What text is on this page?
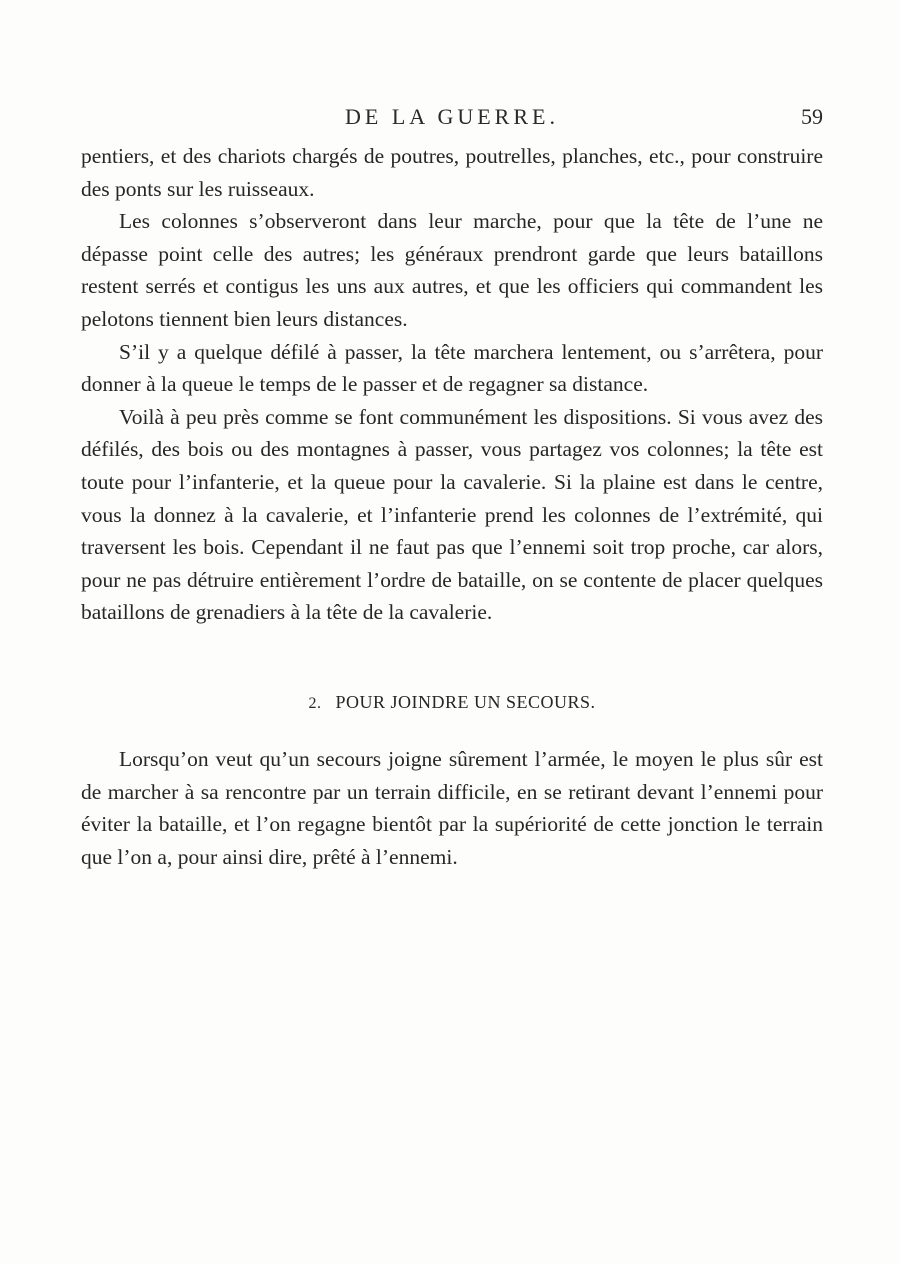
DE LA GUERRE.	59

pentiers, et des chariots chargés de poutres, poutrelles, planches, etc., pour construire des ponts sur les ruisseaux.

Les colonnes s’observeront dans leur marche, pour que la tête de l’une ne dépasse point celle des autres; les généraux prendront garde que leurs bataillons restent serrés et contigus les uns aux autres, et que les officiers qui commandent les pelotons tiennent bien leurs distances.

S’il y a quelque défilé à passer, la tête marchera lentement, ou s’arrêtera, pour donner à la queue le temps de le passer et de regagner sa distance.

Voilà à peu près comme se font communément les dispositions. Si vous avez des défilés, des bois ou des montagnes à passer, vous partagez vos colonnes; la tête est toute pour l’infanterie, et la queue pour la cavalerie. Si la plaine est dans le centre, vous la donnez à la cavalerie, et l’infanterie prend les colonnes de l’extrémité, qui traversent les bois. Cependant il ne faut pas que l’ennemi soit trop proche, car alors, pour ne pas détruire entièrement l’ordre de bataille, on se contente de placer quelques bataillons de grenadiers à la tête de la cavalerie.

2. POUR JOINDRE UN SECOURS.

Lorsqu’on veut qu’un secours joigne sûrement l’armée, le moyen le plus sûr est de marcher à sa rencontre par un terrain difficile, en se retirant devant l’ennemi pour éviter la bataille, et l’on regagne bientôt par la supériorité de cette jonction le terrain que l’on a, pour ainsi dire, prêté à l’ennemi.
